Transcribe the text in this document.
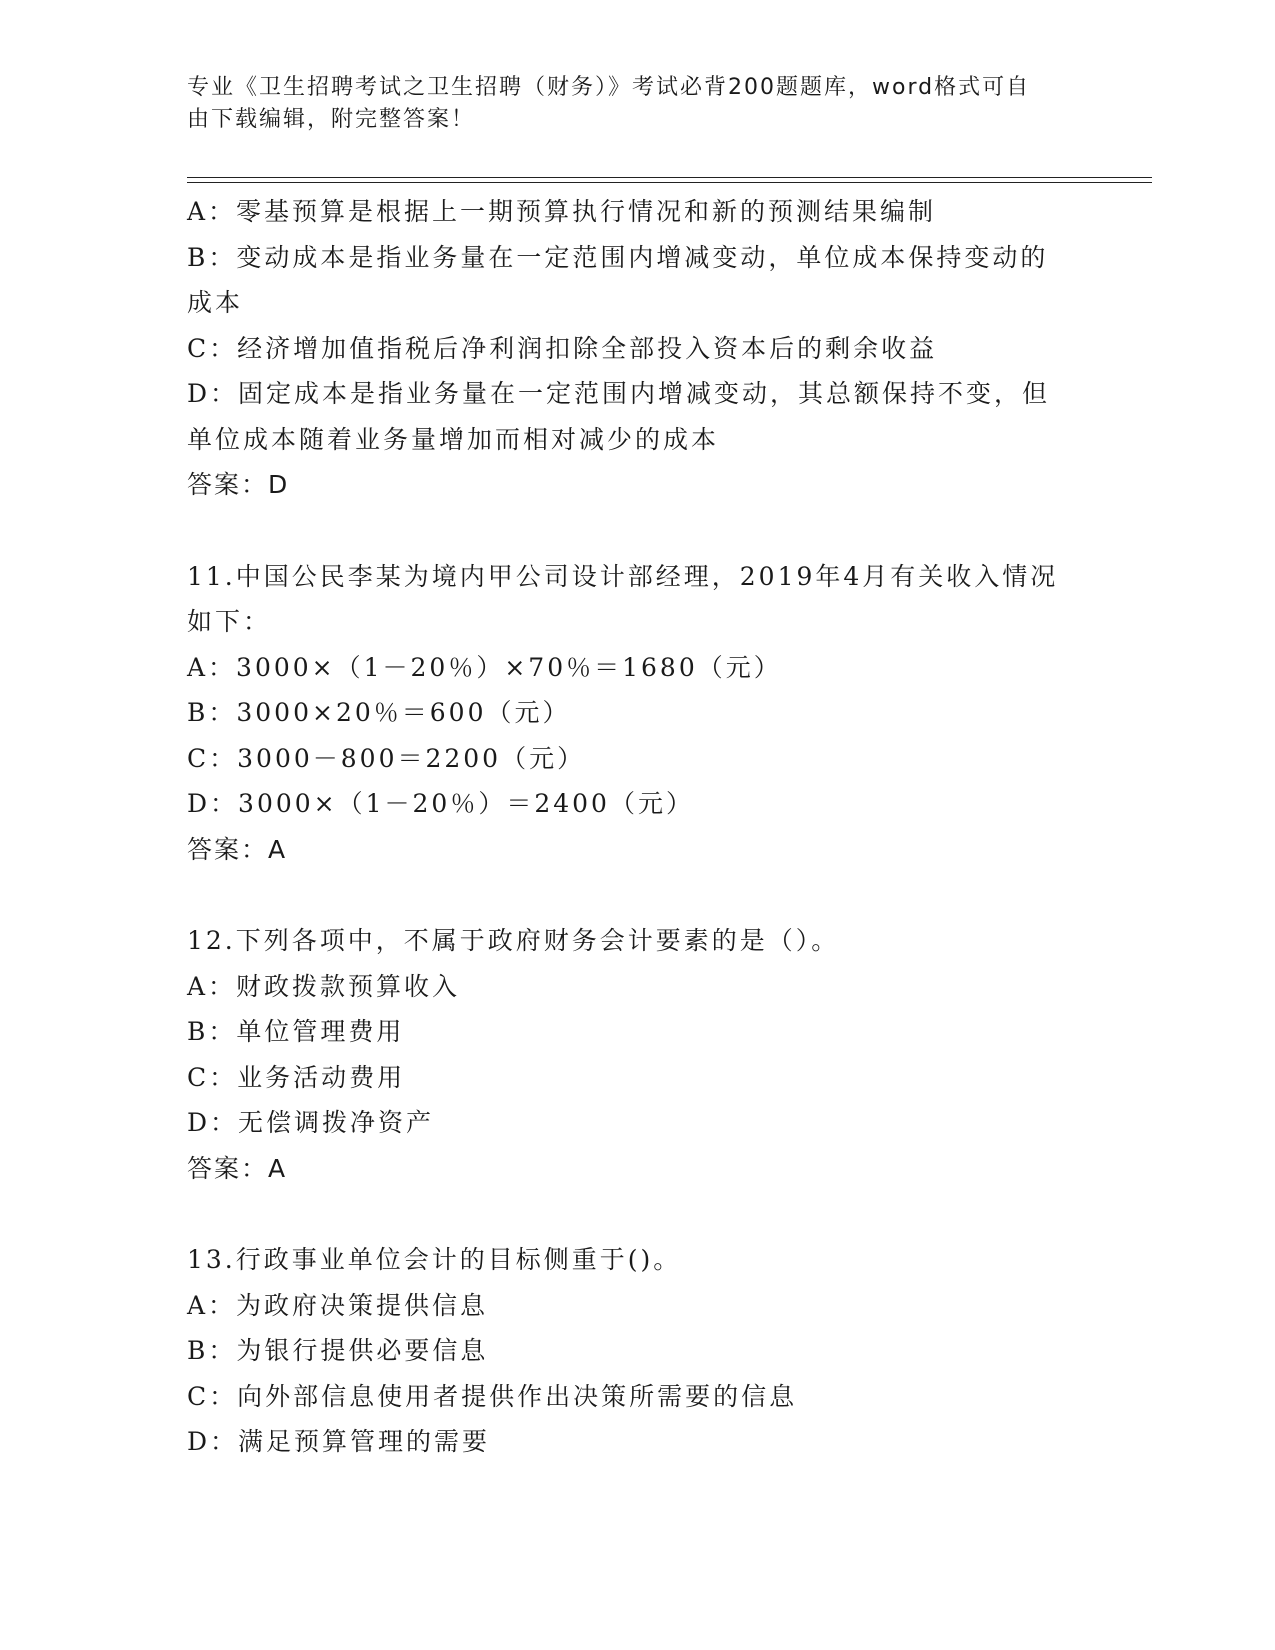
专业《卫生招聘考试之卫生招聘（财务）》考试必背200题题库，word格式可自
由下载编辑，附完整答案！
A：零基预算是根据上一期预算执行情况和新的预测结果编制
B：变动成本是指业务量在一定范围内增减变动，单位成本保持变动的
成本
C：经济增加值指税后净利润扣除全部投入资本后的剩余收益
D：固定成本是指业务量在一定范围内增减变动，其总额保持不变，但
单位成本随着业务量增加而相对减少的成本
答案：D
11.中国公民李某为境内甲公司设计部经理，2019年4月有关收入情况
如下：
A：3000×（1－20％）×70％＝1680（元）
B：3000×20％＝600（元）
C：3000－800＝2200（元）
D：3000×（1－20％）＝2400（元）
答案：A
12.下列各项中，不属于政府财务会计要素的是（）。
A：财政拨款预算收入
B：单位管理费用
C：业务活动费用
D：无偿调拨净资产
答案：A
13.行政事业单位会计的目标侧重于()。
A：为政府决策提供信息
B：为银行提供必要信息
C：向外部信息使用者提供作出决策所需要的信息
D：满足预算管理的需要
